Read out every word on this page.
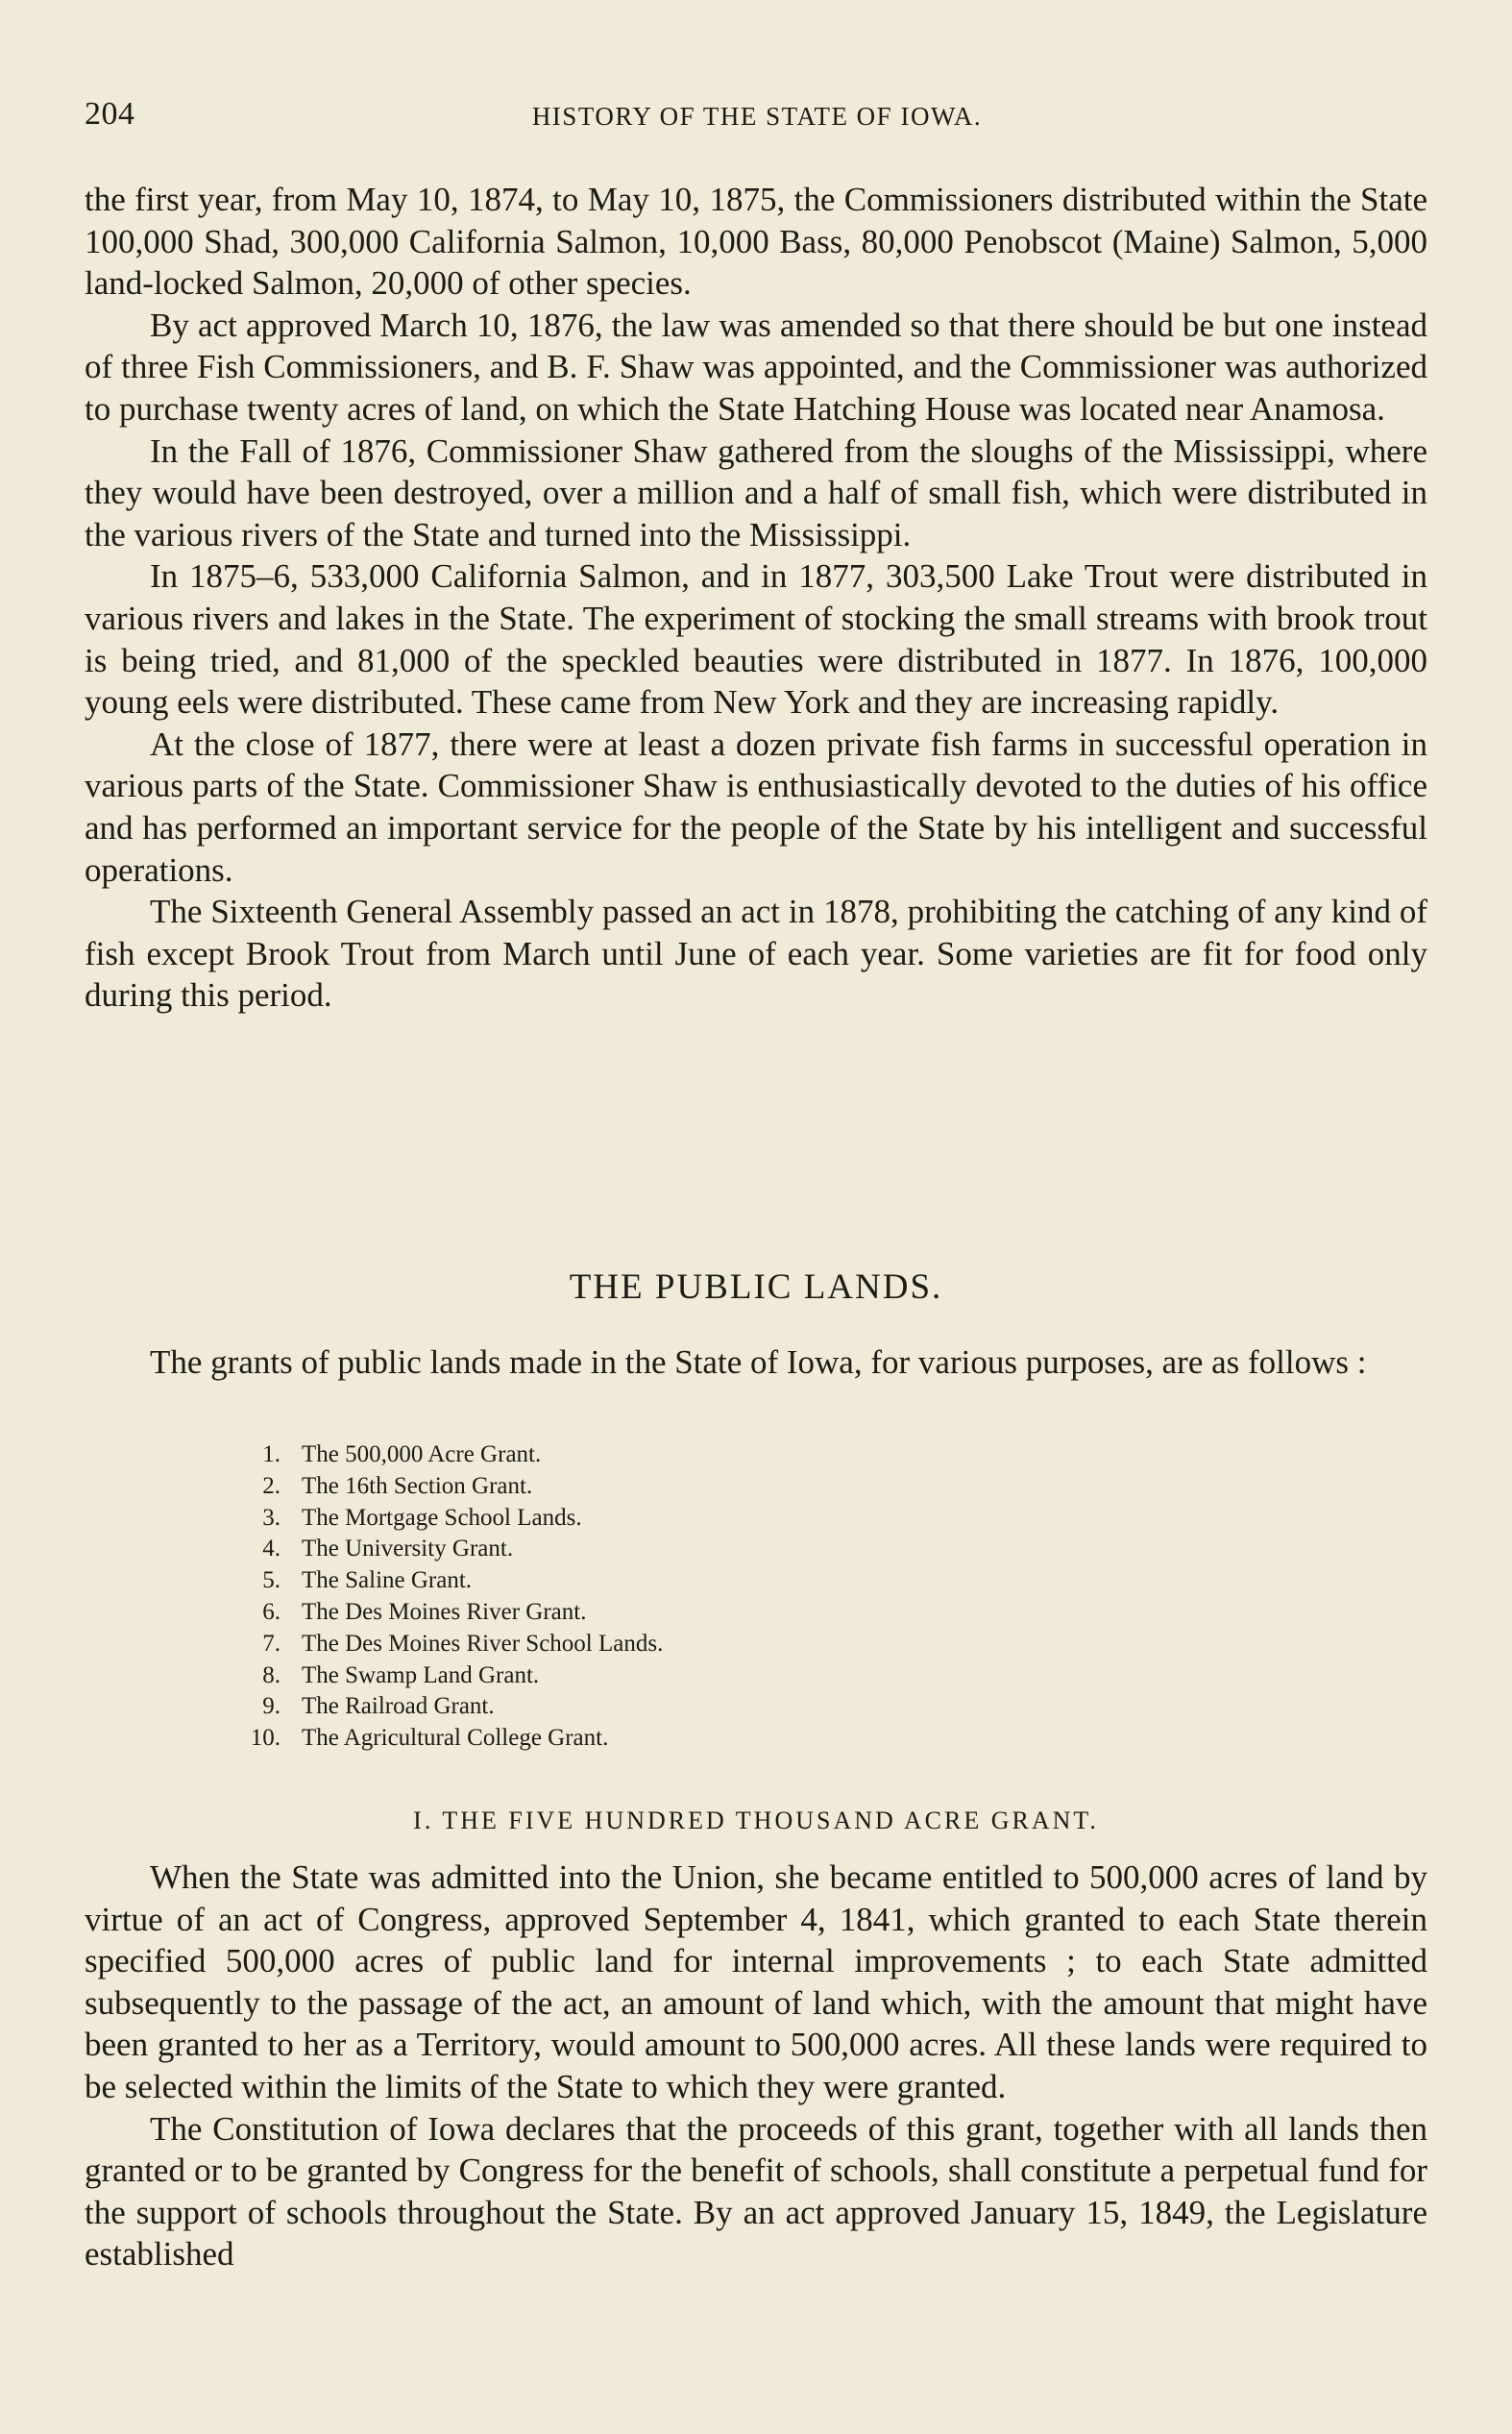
204	HISTORY OF THE STATE OF IOWA.

the first year, from May 10, 1874, to May 10, 1875, the Commissioners distributed within the State 100,000 Shad, 300,000 California Salmon, 10,000 Bass, 80,000 Penobscot (Maine) Salmon, 5,000 land-locked Salmon, 20,000 of other species.

By act approved March 10, 1876, the law was amended so that there should be but one instead of three Fish Commissioners, and B. F. Shaw was appointed, and the Commissioner was authorized to purchase twenty acres of land, on which the State Hatching House was located near Anamosa.

In the Fall of 1876, Commissioner Shaw gathered from the sloughs of the Mississippi, where they would have been destroyed, over a million and a half of small fish, which were distributed in the various rivers of the State and turned into the Mississippi.

In 1875–6, 533,000 California Salmon, and in 1877, 303,500 Lake Trout were distributed in various rivers and lakes in the State. The experiment of stocking the small streams with brook trout is being tried, and 81,000 of the speckled beauties were distributed in 1877. In 1876, 100,000 young eels were distributed. These came from New York and they are increasing rapidly.

At the close of 1877, there were at least a dozen private fish farms in successful operation in various parts of the State. Commissioner Shaw is enthusiastically devoted to the duties of his office and has performed an important service for the people of the State by his intelligent and successful operations.

The Sixteenth General Assembly passed an act in 1878, prohibiting the catching of any kind of fish except Brook Trout from March until June of each year. Some varieties are fit for food only during this period.

THE PUBLIC LANDS.

The grants of public lands made in the State of Iowa, for various purposes, are as follows :

1. The 500,000 Acre Grant.
2. The 16th Section Grant.
3. The Mortgage School Lands.
4. The University Grant.
5. The Saline Grant.
6. The Des Moines River Grant.
7. The Des Moines River School Lands.
8. The Swamp Land Grant.
9. The Railroad Grant.
10. The Agricultural College Grant.
I. THE FIVE HUNDRED THOUSAND ACRE GRANT.

When the State was admitted into the Union, she became entitled to 500,000 acres of land by virtue of an act of Congress, approved September 4, 1841, which granted to each State therein specified 500,000 acres of public land for internal improvements ; to each State admitted subsequently to the passage of the act, an amount of land which, with the amount that might have been granted to her as a Territory, would amount to 500,000 acres. All these lands were required to be selected within the limits of the State to which they were granted.

The Constitution of Iowa declares that the proceeds of this grant, together with all lands then granted or to be granted by Congress for the benefit of schools, shall constitute a perpetual fund for the support of schools throughout the State. By an act approved January 15, 1849, the Legislature established
